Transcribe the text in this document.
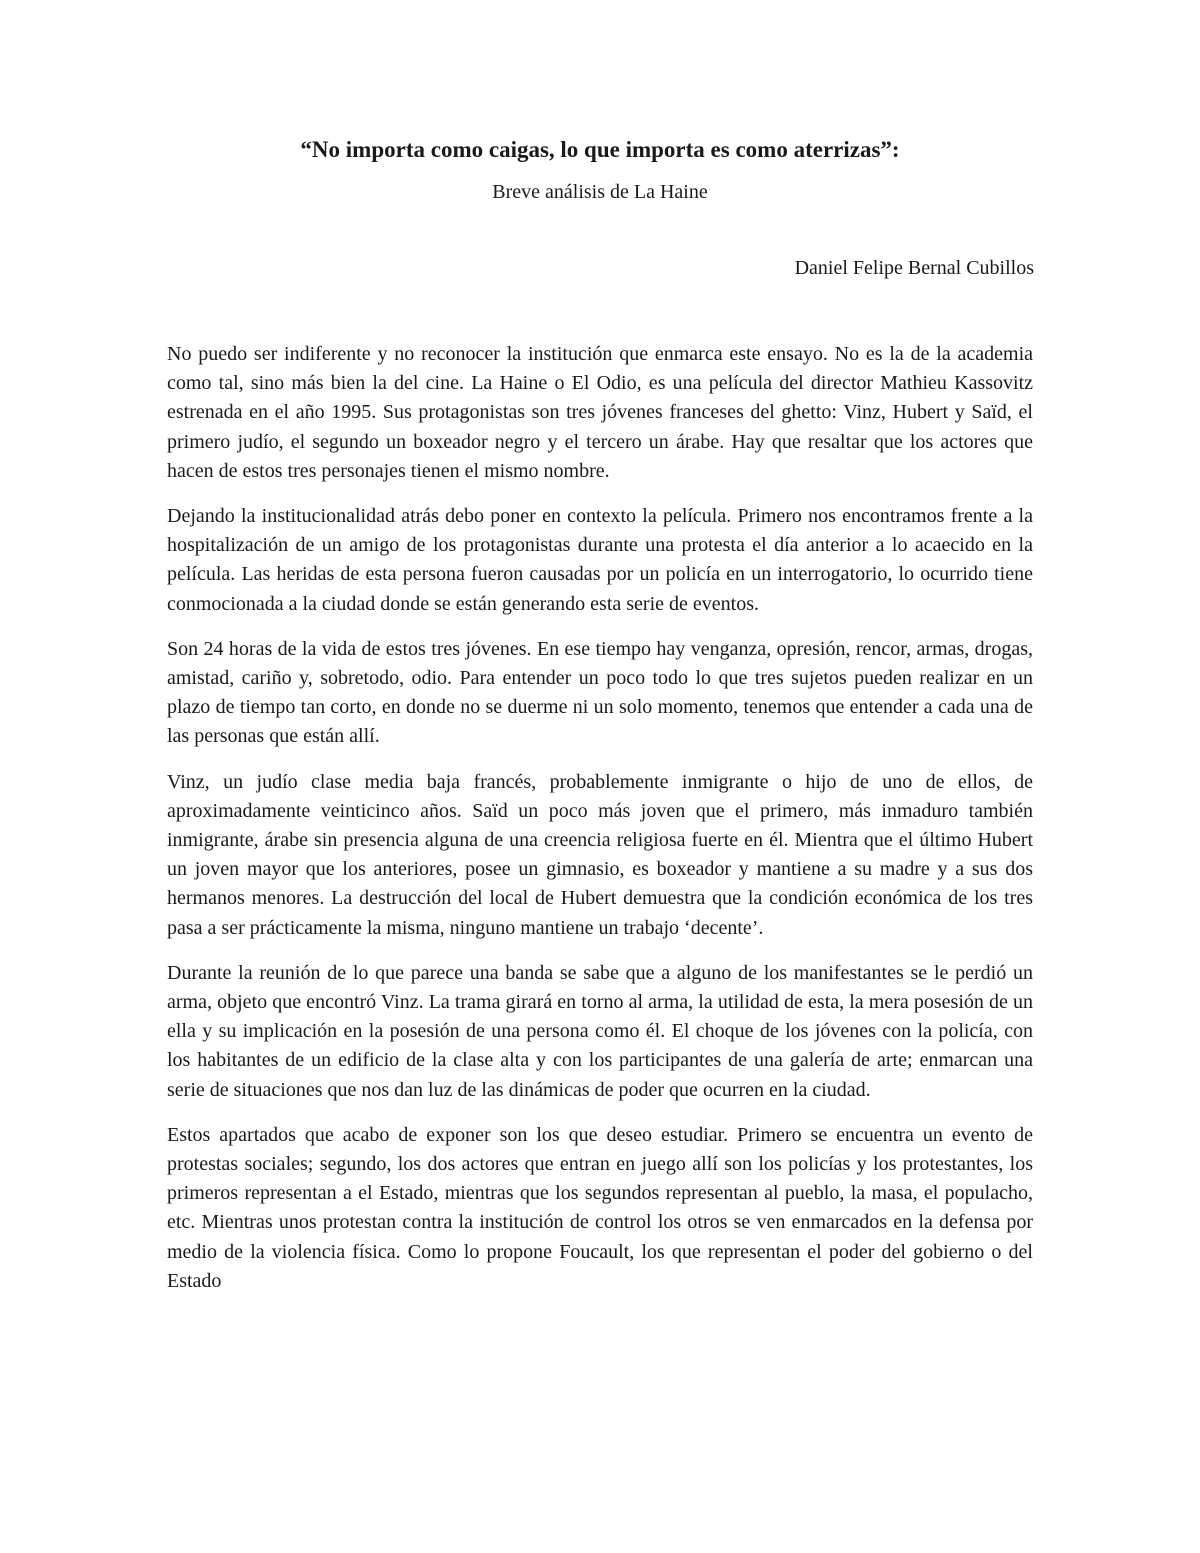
“No importa como caigas, lo que importa es como aterrizas”:
Breve análisis de La Haine
Daniel Felipe Bernal Cubillos

No puedo ser indiferente y no reconocer la institución que enmarca este ensayo. No es la de la academia como tal, sino más bien la del cine. La Haine o El Odio, es una película del director Mathieu Kassovitz estrenada en el año 1995. Sus protagonistas son tres jóvenes franceses del ghetto: Vinz, Hubert y Saïd, el primero judío, el segundo un boxeador negro y el tercero un árabe. Hay que resaltar que los actores que hacen de estos tres personajes tienen el mismo nombre.

Dejando la institucionalidad atrás debo poner en contexto la película. Primero nos encontramos frente a la hospitalización de un amigo de los protagonistas durante una protesta el día anterior a lo acaecido en la película. Las heridas de esta persona fueron causadas por un policía en un interrogatorio, lo ocurrido tiene conmocionada a la ciudad donde se están generando esta serie de eventos.

Son 24 horas de la vida de estos tres jóvenes. En ese tiempo hay venganza, opresión, rencor, armas, drogas, amistad, cariño y, sobretodo, odio. Para entender un poco todo lo que tres sujetos pueden realizar en un plazo de tiempo tan corto, en donde no se duerme ni un solo momento, tenemos que entender a cada una de las personas que están allí.

Vinz, un judío clase media baja francés, probablemente inmigrante o hijo de uno de ellos, de aproximadamente veinticinco años. Saïd un poco más joven que el primero, más inmaduro también inmigrante, árabe sin presencia alguna de una creencia religiosa fuerte en él. Mientra que el último Hubert un joven mayor que los anteriores, posee un gimnasio, es boxeador y mantiene a su madre y a sus dos hermanos menores. La destrucción del local de Hubert demuestra que la condición económica de los tres pasa a ser prácticamente la misma, ninguno mantiene un trabajo ‘decente’.

Durante la reunión de lo que parece una banda se sabe que a alguno de los manifestantes se le perdió un arma, objeto que encontró Vinz. La trama girará en torno al arma, la utilidad de esta, la mera posesión de un ella y su implicación en la posesión de una persona como él. El choque de los jóvenes con la policía, con los habitantes de un edificio de la clase alta y con los participantes de una galería de arte; enmarcan una serie de situaciones que nos dan luz de las dinámicas de poder que ocurren en la ciudad.

Estos apartados que acabo de exponer son los que deseo estudiar. Primero se encuentra un evento de protestas sociales; segundo, los dos actores que entran en juego allí son los policías y los protestantes, los primeros representan a el Estado, mientras que los segundos representan al pueblo, la masa, el populacho, etc. Mientras unos protestan contra la institución de control los otros se ven enmarcados en la defensa por medio de la violencia física. Como lo propone Foucault, los que representan el poder del gobierno o del Estado
